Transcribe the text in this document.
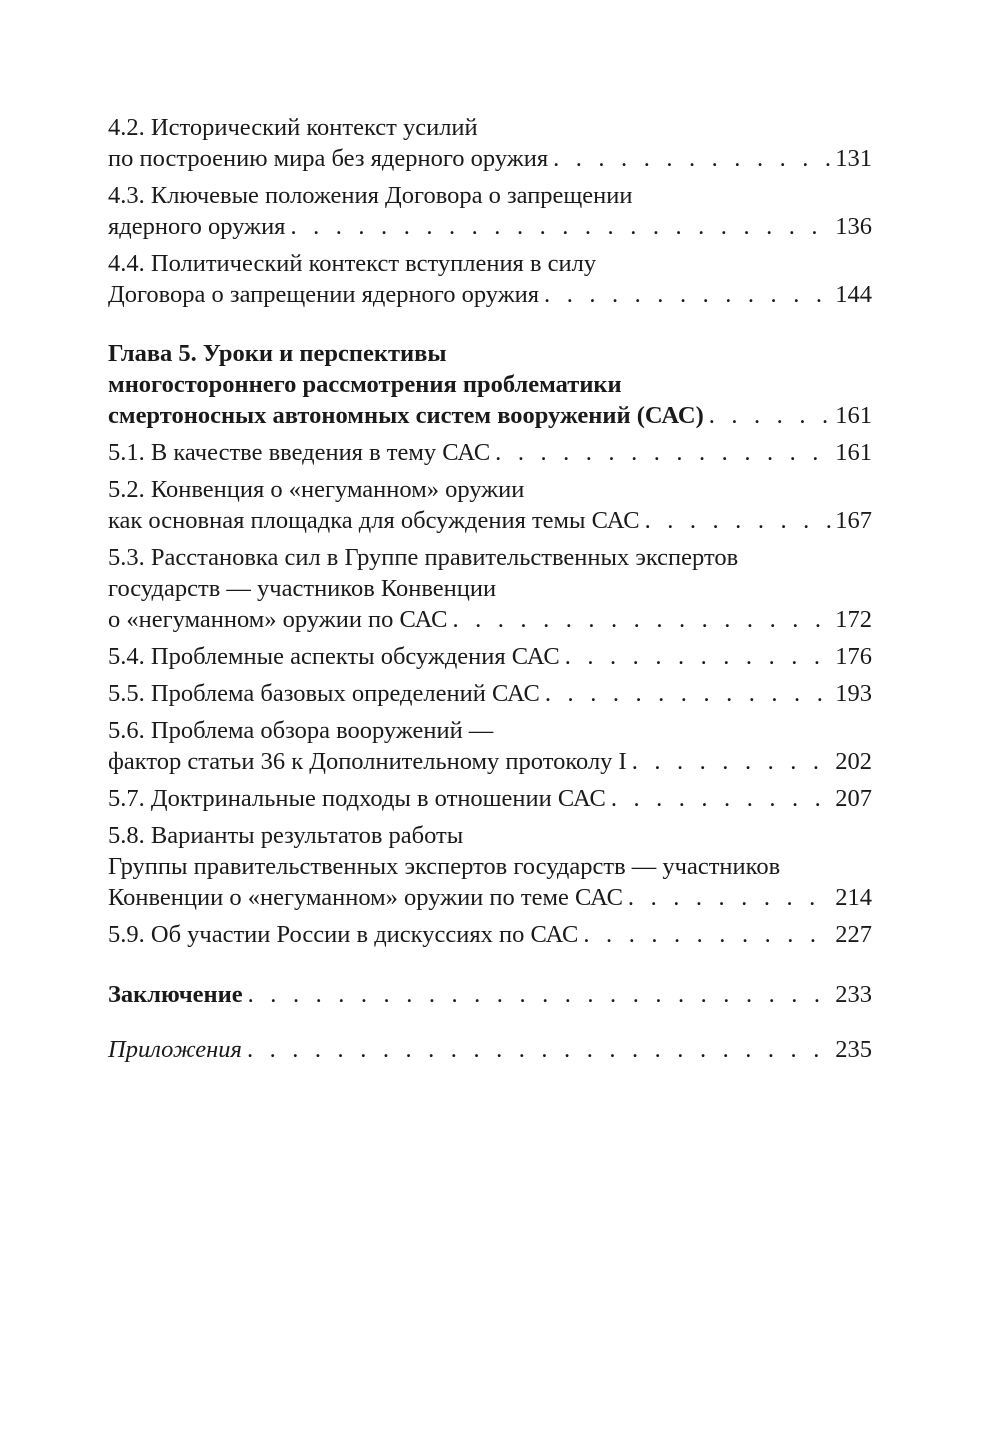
4.2. Исторический контекст усилий
по построению мира без ядерного оружия . . .	131
4.3. Ключевые положения Договора о запрещении
ядерного оружия . . .	136
4.4. Политический контекст вступления в силу
Договора о запрещении ядерного оружия . . .	144
Глава 5. Уроки и перспективы
многостороннего рассмотрения проблематики
смертоносных автономных систем вооружений (САС) . . .	161
5.1. В качестве введения в тему САС . . .	161
5.2. Конвенция о «негуманном» оружии
как основная площадка для обсуждения темы САС . . .	167
5.3. Расстановка сил в Группе правительственных экспертов
государств — участников Конвенции
о «негуманном» оружии по САС . . .	172
5.4. Проблемные аспекты обсуждения САС . . .	176
5.5. Проблема базовых определений САС . . .	193
5.6. Проблема обзора вооружений —
фактор статьи 36 к Дополнительному протоколу I . . .	202
5.7. Доктринальные подходы в отношении САС . . .	207
5.8. Варианты результатов работы
Группы правительственных экспертов государств — участников
Конвенции о «негуманном» оружии по теме САС . . .	214
5.9. Об участии России в дискуссиях по САС . . .	227
Заключение . . .	233
Приложения . . .	235
